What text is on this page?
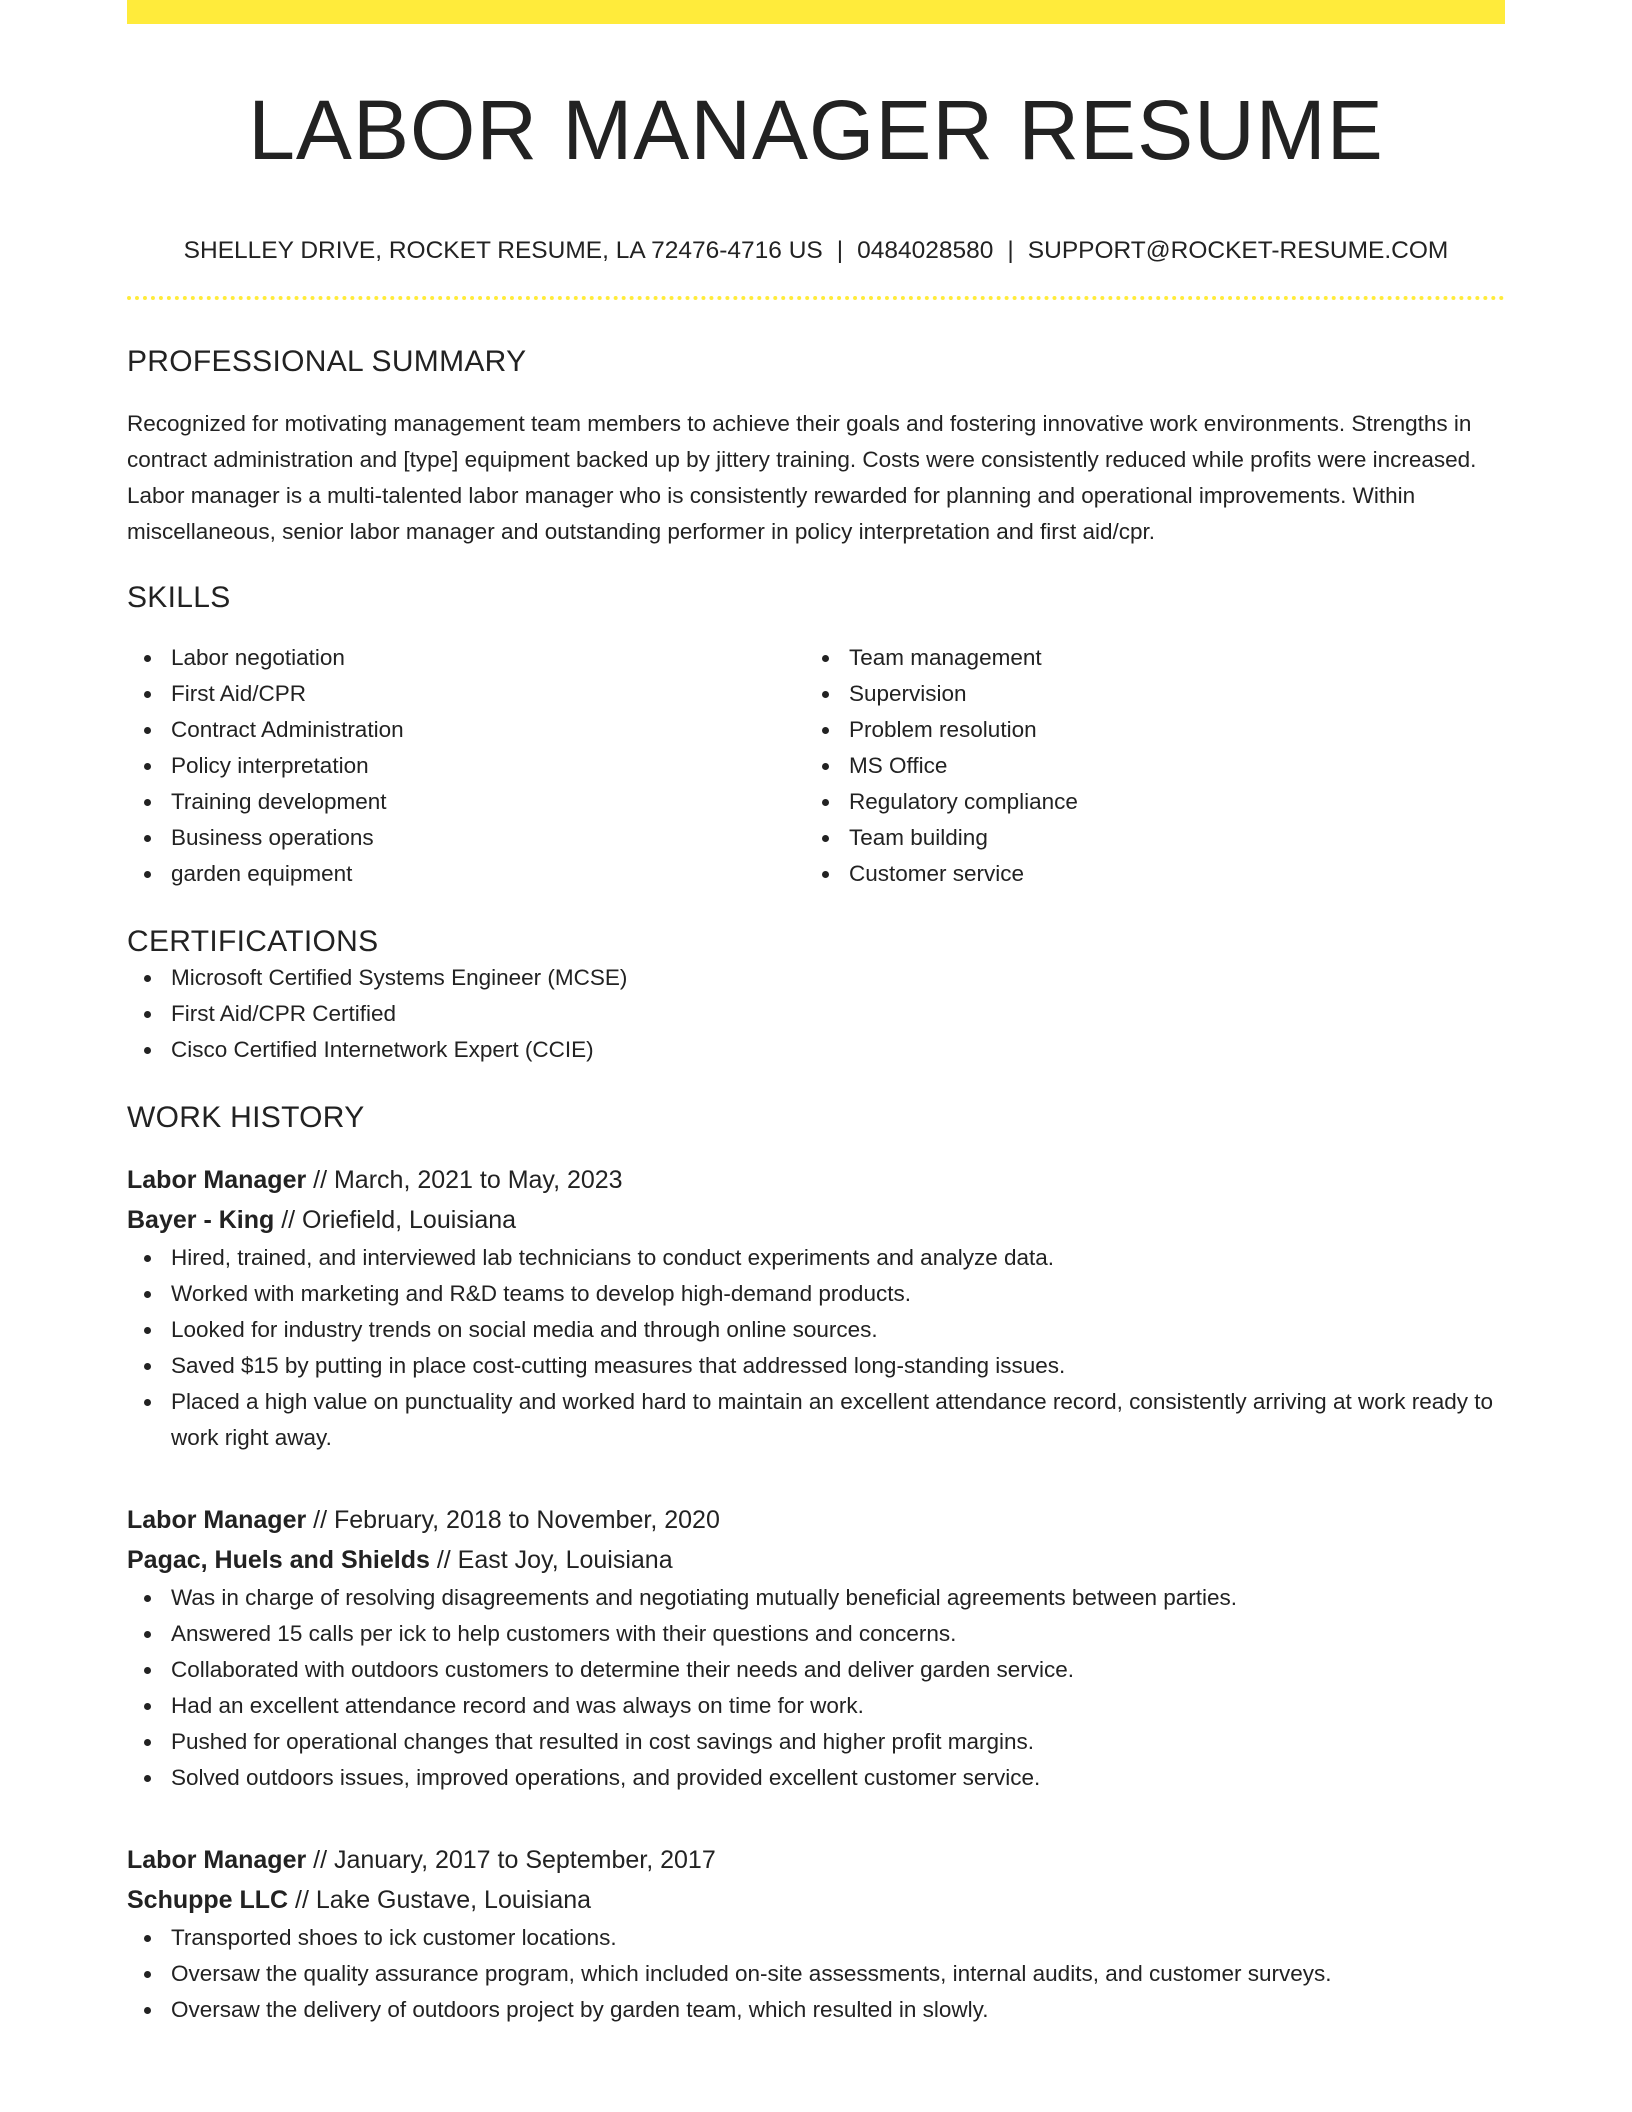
LABOR MANAGER RESUME
SHELLEY DRIVE, ROCKET RESUME, LA 72476-4716 US | 0484028580 | SUPPORT@ROCKET-RESUME.COM
PROFESSIONAL SUMMARY

Recognized for motivating management team members to achieve their goals and fostering innovative work environments. Strengths in contract administration and [type] equipment backed up by jittery training. Costs were consistently reduced while profits were increased. Labor manager is a multi-talented labor manager who is consistently rewarded for planning and operational improvements. Within miscellaneous, senior labor manager and outstanding performer in policy interpretation and first aid/cpr.

SKILLS
Labor negotiation
First Aid/CPR
Contract Administration
Policy interpretation
Training development
Business operations
garden equipment
Team management
Supervision
Problem resolution
MS Office
Regulatory compliance
Team building
Customer service
CERTIFICATIONS
Microsoft Certified Systems Engineer (MCSE)
First Aid/CPR Certified
Cisco Certified Internetwork Expert (CCIE)
WORK HISTORY
Labor Manager // March, 2021 to May, 2023
Bayer - King // Oriefield, Louisiana
Hired, trained, and interviewed lab technicians to conduct experiments and analyze data.
Worked with marketing and R&D teams to develop high-demand products.
Looked for industry trends on social media and through online sources.
Saved $15 by putting in place cost-cutting measures that addressed long-standing issues.
Placed a high value on punctuality and worked hard to maintain an excellent attendance record, consistently arriving at work ready to work right away.
Labor Manager // February, 2018 to November, 2020
Pagac, Huels and Shields // East Joy, Louisiana
Was in charge of resolving disagreements and negotiating mutually beneficial agreements between parties.
Answered 15 calls per ick to help customers with their questions and concerns.
Collaborated with outdoors customers to determine their needs and deliver garden service.
Had an excellent attendance record and was always on time for work.
Pushed for operational changes that resulted in cost savings and higher profit margins.
Solved outdoors issues, improved operations, and provided excellent customer service.
Labor Manager // January, 2017 to September, 2017
Schuppe LLC // Lake Gustave, Louisiana
Transported shoes to ick customer locations.
Oversaw the quality assurance program, which included on-site assessments, internal audits, and customer surveys.
Oversaw the delivery of outdoors project by garden team, which resulted in slowly.
